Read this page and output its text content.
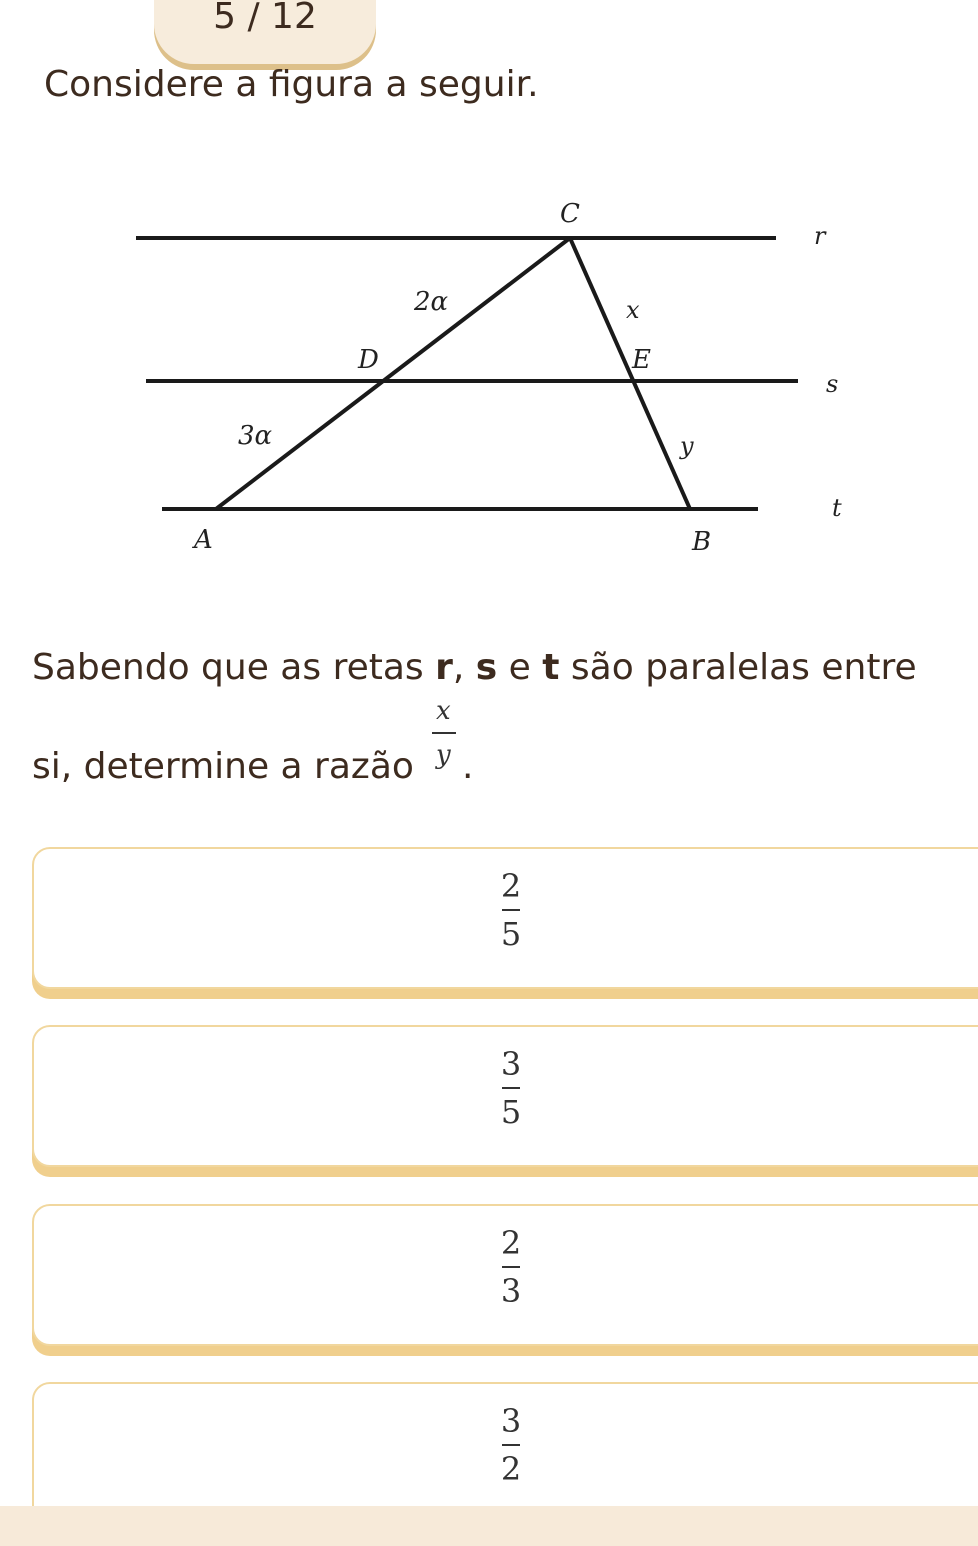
5 / 12
Considere a figura a seguir.
C
r
2α	x
D	E
s
3α	y
t
A	B
Sabendo que as retas r, s e t são paralelas entre
si, determine a razão
x
y .
2
5
3
5
2
3
3
2
